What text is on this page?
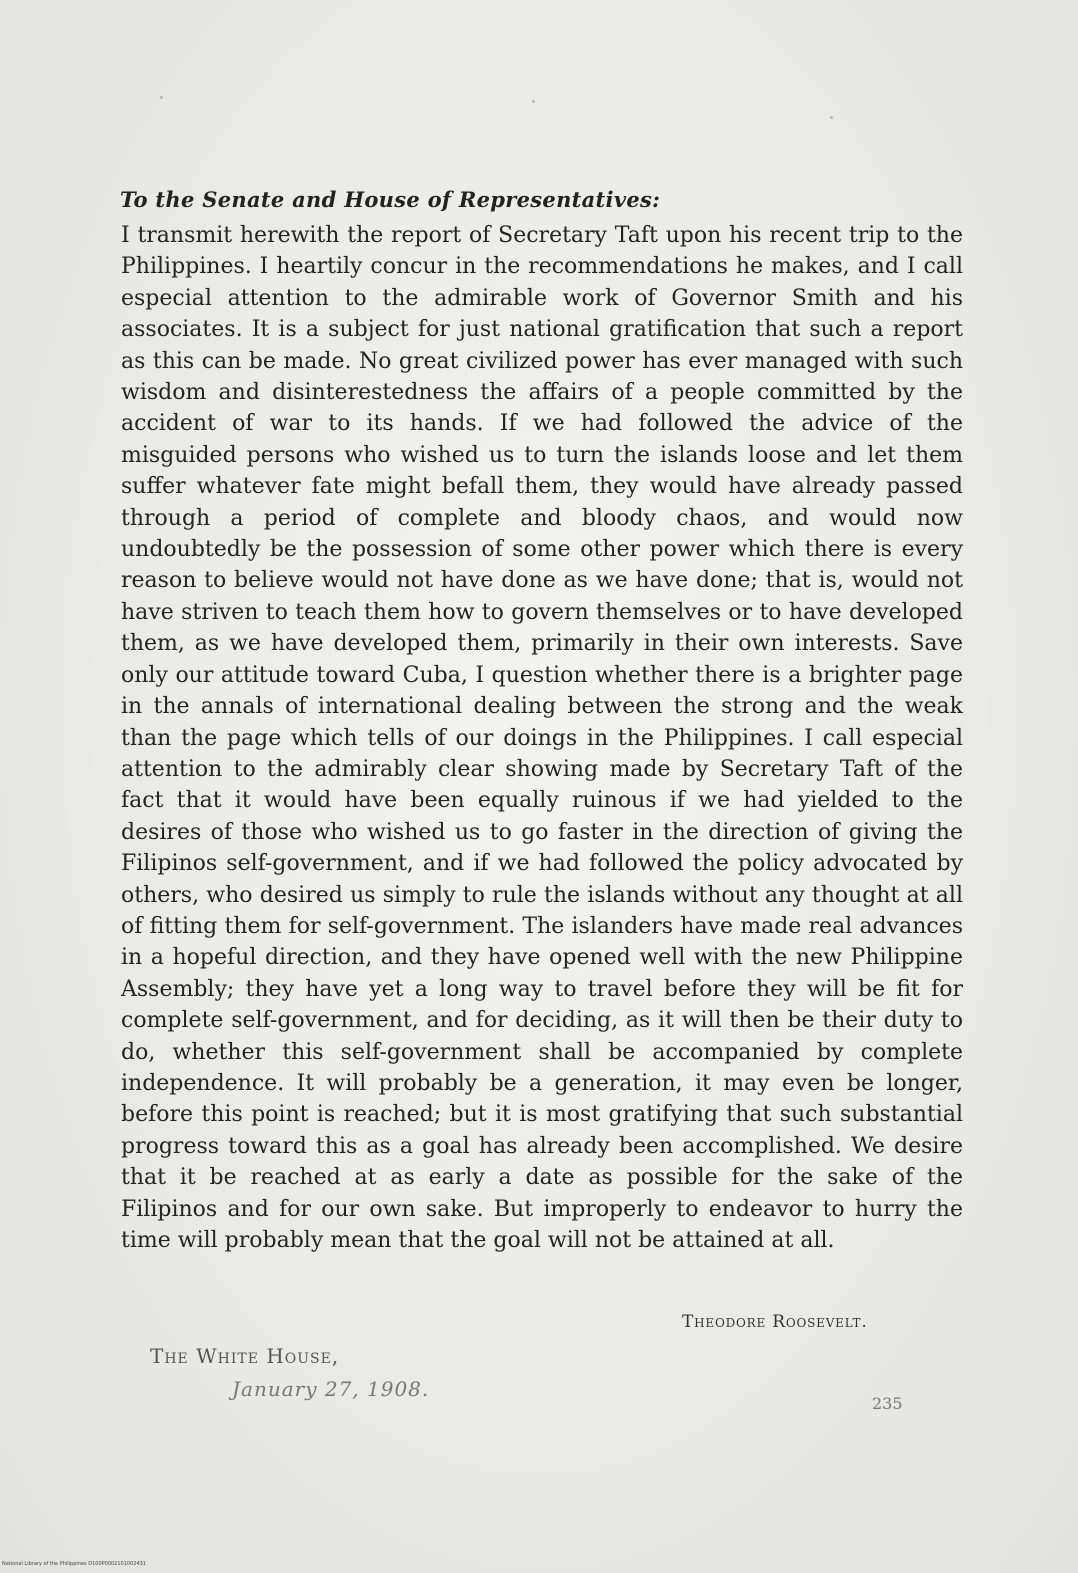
To the Senate and House of Representatives:
I transmit herewith the report of Secretary Taft upon his recent trip to the Philippines. I heartily concur in the recommendations he makes, and I call especial attention to the admirable work of Governor Smith and his associates. It is a subject for just national gratification that such a report as this can be made. No great civilized power has ever managed with such wisdom and disinterestedness the affairs of a people committed by the accident of war to its hands. If we had followed the advice of the misguided persons who wished us to turn the islands loose and let them suffer whatever fate might befall them, they would have already passed through a period of complete and bloody chaos, and would now undoubtedly be the possession of some other power which there is every reason to believe would not have done as we have done; that is, would not have striven to teach them how to govern themselves or to have developed them, as we have developed them, primarily in their own interests. Save only our attitude toward Cuba, I question whether there is a brighter page in the annals of international dealing between the strong and the weak than the page which tells of our doings in the Philippines. I call especial attention to the admirably clear showing made by Secretary Taft of the fact that it would have been equally ruinous if we had yielded to the desires of those who wished us to go faster in the direction of giving the Filipinos self-government, and if we had followed the policy advocated by others, who desired us simply to rule the islands without any thought at all of fitting them for self-government. The islanders have made real advances in a hopeful direction, and they have opened well with the new Philippine Assembly; they have yet a long way to travel before they will be fit for complete self-government, and for deciding, as it will then be their duty to do, whether this self-government shall be accompanied by complete independence. It will probably be a generation, it may even be longer, before this point is reached; but it is most gratifying that such substantial progress toward this as a goal has already been accomplished. We desire that it be reached at as early a date as possible for the sake of the Filipinos and for our own sake. But improperly to endeavor to hurry the time will probably mean that the goal will not be attained at all.
Theodore Roosevelt.
The White House,
January 27, 1908.
235
National Library of the Philippines D100P0002101002431
